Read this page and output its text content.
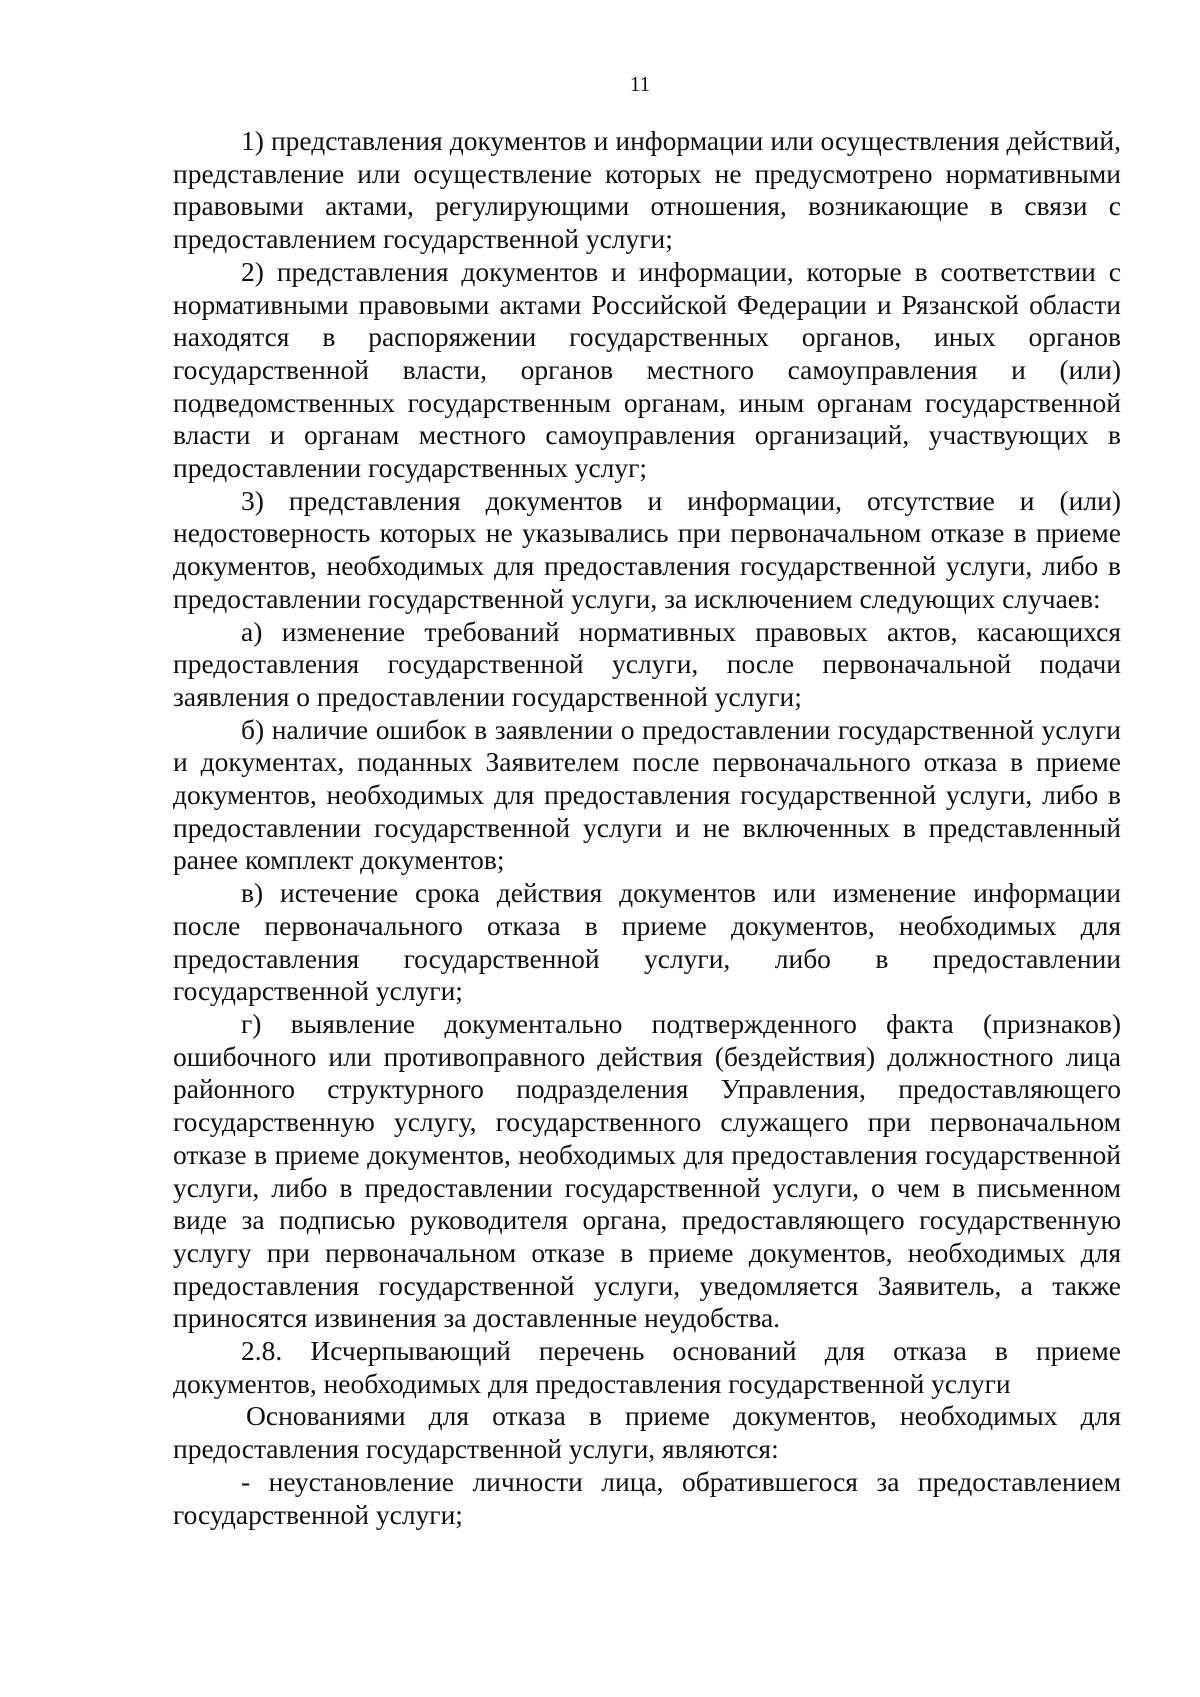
11

1) представления документов и информации или осуществления действий, представление или осуществление которых не предусмотрено нормативными правовыми актами, регулирующими отношения, возникающие в связи с предоставлением государственной услуги;

2) представления документов и информации, которые в соответствии с нормативными правовыми актами Российской Федерации и Рязанской области находятся в распоряжении государственных органов, иных органов государственной власти, органов местного самоуправления и (или) подведомственных государственным органам, иным органам государственной власти и органам местного самоуправления организаций, участвующих в предоставлении государственных услуг;

3) представления документов и информации, отсутствие и (или) недостоверность которых не указывались при первоначальном отказе в приеме документов, необходимых для предоставления государственной услуги, либо в предоставлении государственной услуги, за исключением следующих случаев:

а) изменение требований нормативных правовых актов, касающихся предоставления государственной услуги, после первоначальной подачи заявления о предоставлении государственной услуги;

б) наличие ошибок в заявлении о предоставлении государственной услуги и документах, поданных Заявителем после первоначального отказа в приеме документов, необходимых для предоставления государственной услуги, либо в предоставлении государственной услуги и не включенных в представленный ранее комплект документов;

в) истечение срока действия документов или изменение информации после первоначального отказа в приеме документов, необходимых для предоставления государственной услуги, либо в предоставлении государственной услуги;

г) выявление документально подтвержденного факта (признаков) ошибочного или противоправного действия (бездействия) должностного лица районного структурного подразделения Управления, предоставляющего государственную услугу, государственного служащего при первоначальном отказе в приеме документов, необходимых для предоставления государственной услуги, либо в предоставлении государственной услуги, о чем в письменном виде за подписью руководителя органа, предоставляющего государственную услугу при первоначальном отказе в приеме документов, необходимых для предоставления государственной услуги, уведомляется Заявитель, а также приносятся извинения за доставленные неудобства.

2.8. Исчерпывающий перечень оснований для отказа в приеме документов, необходимых для предоставления государственной услуги

Основаниями для отказа в приеме документов, необходимых для предоставления государственной услуги, являются:

- неустановление личности лица, обратившегося за предоставлением государственной услуги;
